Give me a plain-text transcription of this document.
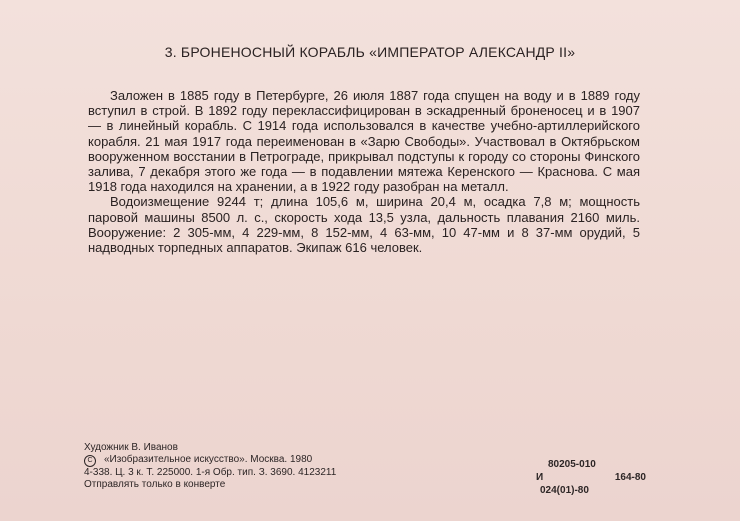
3. БРОНЕНОСНЫЙ КОРАБЛЬ «ИМПЕРАТОР АЛЕКСАНДР II»

Заложен в 1885 году в Петербурге, 26 июля 1887 года спущен на воду и в 1889 году вступил в строй. В 1892 году переклассифицирован в эскадренный броненосец и в 1907 — в линейный корабль. С 1914 года использовался в качестве учебно-артиллерийского корабля. 21 мая 1917 года переименован в «Зарю Свободы». Участвовал в Октябрьском вооруженном восстании в Петрограде, прикрывал подступы к городу со стороны Финского залива, 7 декабря этого же года — в подавлении мятежа Керенского — Краснова. С мая 1918 года находился на хранении, а в 1922 году разобран на металл.

Водоизмещение 9244 т; длина 105,6 м, ширина 20,4 м, осадка 7,8 м; мощность паровой машины 8500 л. с., скорость хода 13,5 узла, дальность плавания 2160 миль. Вооружение: 2 305-мм, 4 229-мм, 8 152-мм, 4 63-мм, 10 47-мм и 8 37-мм орудий, 5 надводных торпедных аппаратов. Экипаж 616 человек.

Художник В. Иванов
C	«Изобразительное искусство». Москва. 1980
4-338. Ц. 3 к. Т. 225000. 1-я Обр. тип. З. 3690. 4123211
Отправлять только в конверте
80205-010
И	164-80
024(01)-80
